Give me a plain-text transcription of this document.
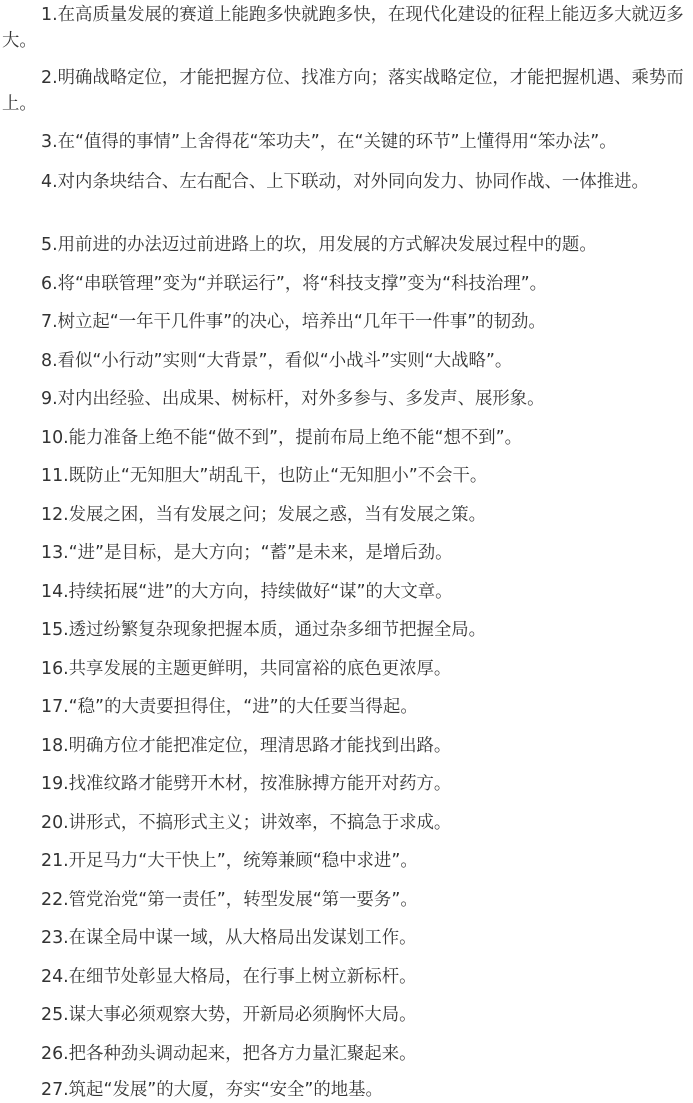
1.在高质量发展的赛道上能跑多快就跑多快，在现代化建设的征程上能迈多大就迈多大。

2.明确战略定位，才能把握方位、找准方向；落实战略定位，才能把握机遇、乘势而上。

3.在“值得的事情”上舍得花“笨功夫”，在“关键的环节”上懂得用“笨办法”。

4.对内条块结合、左右配合、上下联动，对外同向发力、协同作战、一体推进。

5.用前进的办法迈过前进路上的坎，用发展的方式解决发展过程中的题。

6.将“串联管理”变为“并联运行”，将“科技支撑”变为“科技治理”。

7.树立起“一年干几件事”的决心，培养出“几年干一件事”的韧劲。

8.看似“小行动”实则“大背景”，看似“小战斗”实则“大战略”。

9.对内出经验、出成果、树标杆，对外多参与、多发声、展形象。

10.能力准备上绝不能“做不到”，提前布局上绝不能“想不到”。

11.既防止“无知胆大”胡乱干，也防止“无知胆小”不会干。

12.发展之困，当有发展之问；发展之惑，当有发展之策。

13.“进”是目标，是大方向；“蓄”是未来，是增后劲。

14.持续拓展“进”的大方向，持续做好“谋”的大文章。

15.透过纷繁复杂现象把握本质，通过杂多细节把握全局。

16.共享发展的主题更鲜明，共同富裕的底色更浓厚。

17.“稳”的大责要担得住，“进”的大任要当得起。

18.明确方位才能把准定位，理清思路才能找到出路。

19.找准纹路才能劈开木材，按准脉搏方能开对药方。

20.讲形式，不搞形式主义；讲效率，不搞急于求成。

21.开足马力“大干快上”，统筹兼顾“稳中求进”。

22.管党治党“第一责任”，转型发展“第一要务”。

23.在谋全局中谋一域，从大格局出发谋划工作。

24.在细节处彰显大格局，在行事上树立新标杆。

25.谋大事必须观察大势，开新局必须胸怀大局。

26.把各种劲头调动起来，把各方力量汇聚起来。

27.筑起“发展”的大厦，夯实“安全”的地基。
